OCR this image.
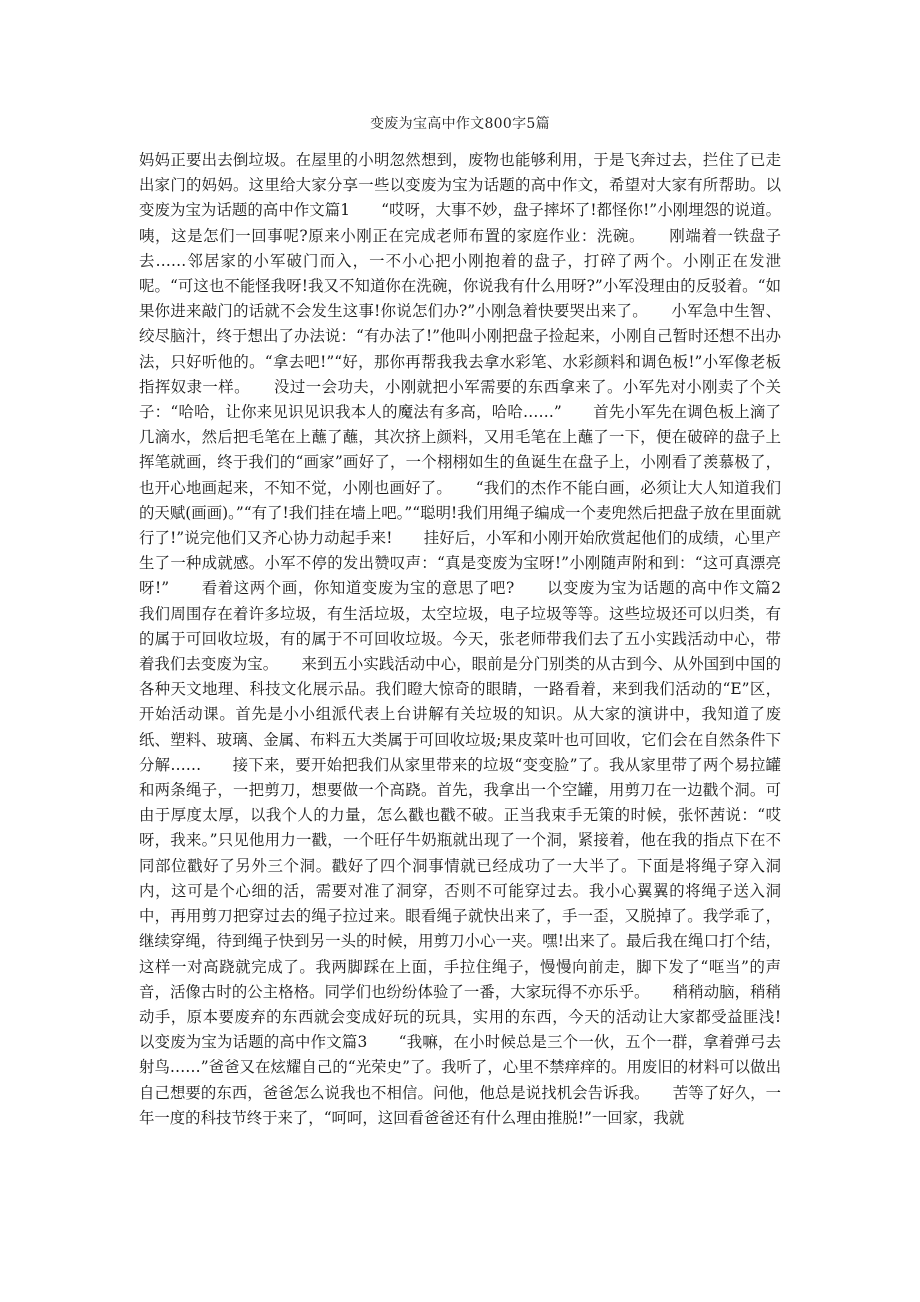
变废为宝高中作文800字5篇

妈妈正要出去倒垃圾。在屋里的小明忽然想到，废物也能够利用，于是飞奔过去，拦住了已走出家门的妈妈。这里给大家分享一些以变废为宝为话题的高中作文，希望对大家有所帮助。以变废为宝为话题的高中作文篇1　　“哎呀，大事不妙，盘子摔坏了!都怪你!”小刚埋怨的说道。咦，这是怎们一回事呢?原来小刚正在完成老师布置的家庭作业：洗碗。　　刚端着一铁盘子去……邻居家的小军破门而入，一不小心把小刚抱着的盘子，打碎了两个。小刚正在发泄呢。“可这也不能怪我呀!我又不知道你在洗碗，你说我有什么用呀?”小军没理由的反驳着。“如果你进来敲门的话就不会发生这事!你说怎们办?”小刚急着快要哭出来了。　　小军急中生智、绞尽脑汁，终于想出了办法说：“有办法了!”他叫小刚把盘子捡起来，小刚自己暂时还想不出办法，只好听他的。“拿去吧!”“好，那你再帮我我去拿水彩笔、水彩颜料和调色板!”小军像老板指挥奴隶一样。　　没过一会功夫，小刚就把小军需要的东西拿来了。小军先对小刚卖了个关子：“哈哈，让你来见识见识我本人的魔法有多高，哈哈……”　　首先小军先在调色板上滴了几滴水，然后把毛笔在上蘸了蘸，其次挤上颜料，又用毛笔在上蘸了一下，便在破碎的盘子上挥笔就画，终于我们的“画家”画好了，一个栩栩如生的鱼诞生在盘子上，小刚看了羡慕极了，也开心地画起来，不知不觉，小刚也画好了。　　“我们的杰作不能白画，必须让大人知道我们的天赋(画画)。”“有了!我们挂在墙上吧。”“聪明!我们用绳子编成一个麦兜然后把盘子放在里面就行了!”说完他们又齐心协力动起手来!　　挂好后，小军和小刚开始欣赏起他们的成绩，心里产生了一种成就感。小军不停的发出赞叹声：“真是变废为宝呀!”小刚随声附和到：“这可真漂亮呀!”　　看着这两个画，你知道变废为宝的意思了吧?　　以变废为宝为话题的高中作文篇2　　我们周围存在着许多垃圾，有生活垃圾，太空垃圾，电子垃圾等等。这些垃圾还可以归类，有的属于可回收垃圾，有的属于不可回收垃圾。今天，张老师带我们去了五小实践活动中心，带着我们去变废为宝。　　来到五小实践活动中心，眼前是分门别类的从古到今、从外国到中国的各种天文地理、科技文化展示品。我们瞪大惊奇的眼睛，一路看着，来到我们活动的“E”区，开始活动课。首先是小小组派代表上台讲解有关垃圾的知识。从大家的演讲中，我知道了废纸、塑料、玻璃、金属、布料五大类属于可回收垃圾;果皮菜叶也可回收，它们会在自然条件下分解……　　接下来，要开始把我们从家里带来的垃圾“变变脸”了。我从家里带了两个易拉罐和两条绳子，一把剪刀，想要做一个高跷。首先，我拿出一个空罐，用剪刀在一边戳个洞。可由于厚度太厚，以我个人的力量，怎么戳也戳不破。正当我束手无策的时候，张怀茜说：“哎呀，我来。”只见他用力一戳，一个旺仔牛奶瓶就出现了一个洞，紧接着，他在我的指点下在不同部位戳好了另外三个洞。戳好了四个洞事情就已经成功了一大半了。下面是将绳子穿入洞内，这可是个心细的活，需要对准了洞穿，否则不可能穿过去。我小心翼翼的将绳子送入洞中，再用剪刀把穿过去的绳子拉过来。眼看绳子就快出来了，手一歪，又脱掉了。我学乖了，继续穿绳，待到绳子快到另一头的时候，用剪刀小心一夹。嘿!出来了。最后我在绳口打个结，这样一对高跷就完成了。我两脚踩在上面，手拉住绳子，慢慢向前走，脚下发了“哐当”的声音，活像古时的公主格格。同学们也纷纷体验了一番，大家玩得不亦乐乎。　　稍稍动脑，稍稍动手，原本要废弃的东西就会变成好玩的玩具，实用的东西，今天的活动让大家都受益匪浅!　　以变废为宝为话题的高中作文篇3　　“我嘛，在小时候总是三个一伙，五个一群，拿着弹弓去射鸟……”爸爸又在炫耀自己的“光荣史”了。我听了，心里不禁痒痒的。用废旧的材料可以做出自己想要的东西，爸爸怎么说我也不相信。问他，他总是说找机会告诉我。　　苦等了好久，一年一度的科技节终于来了，“呵呵，这回看爸爸还有什么理由推脱!”一回家，我就
